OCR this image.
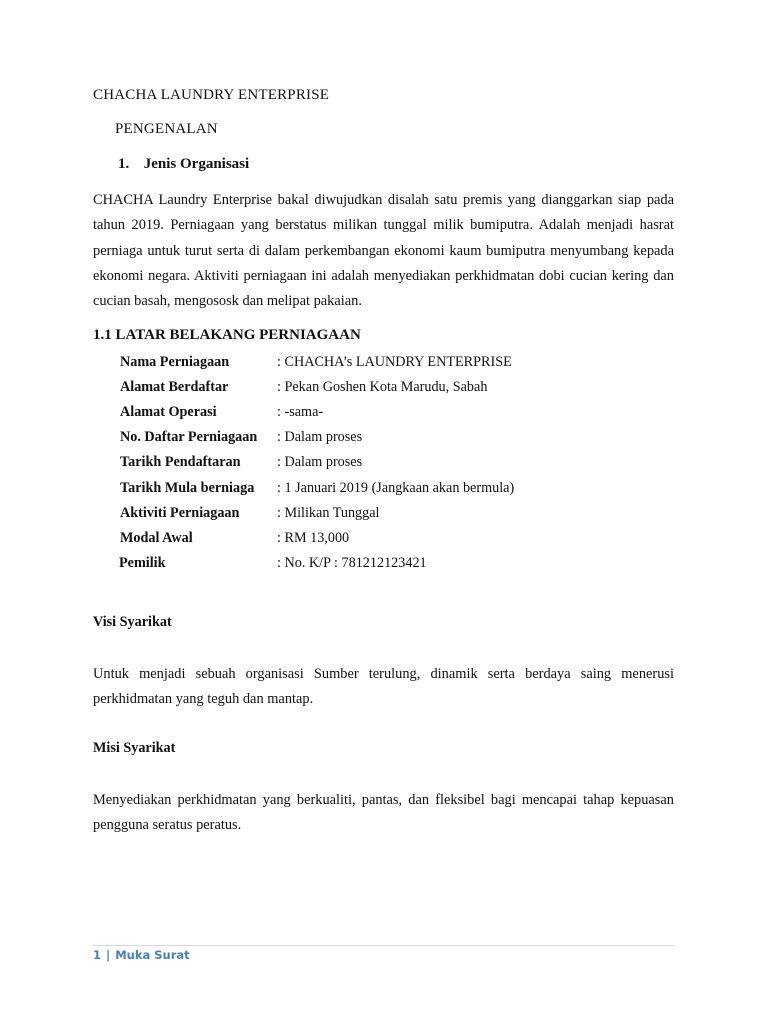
CHACHA LAUNDRY ENTERPRISE
PENGENALAN
1. Jenis Organisasi
CHACHA Laundry Enterprise bakal diwujudkan disalah satu premis yang dianggarkan siap pada tahun 2019. Perniagaan yang berstatus milikan tunggal milik bumiputra. Adalah menjadi hasrat perniaga untuk turut serta di dalam perkembangan ekonomi kaum bumiputra menyumbang kepada ekonomi negara. Aktiviti perniagaan ini adalah menyediakan perkhidmatan dobi cucian kering dan cucian basah, mengososk dan melipat pakaian.
1.1 LATAR BELAKANG PERNIAGAAN
Nama Perniagaan	: CHACHA’s LAUNDRY ENTERPRISE
Alamat Berdaftar	: Pekan Goshen Kota Marudu, Sabah
Alamat Operasi	: -sama-
No. Daftar Perniagaan	: Dalam proses
Tarikh Pendaftaran	: Dalam proses
Tarikh Mula berniaga	: 1 Januari 2019 (Jangkaan akan bermula)
Aktiviti Perniagaan	: Milikan Tunggal
Modal Awal	: RM 13,000
Pemilik	: No. K/P : 781212123421
Visi Syarikat
Untuk menjadi sebuah organisasi Sumber terulung, dinamik serta berdaya saing menerusi perkhidmatan yang teguh dan mantap.
Misi Syarikat
Menyediakan perkhidmatan yang berkualiti, pantas, dan fleksibel bagi mencapai tahap kepuasan pengguna seratus peratus.
1 | Muka Surat
